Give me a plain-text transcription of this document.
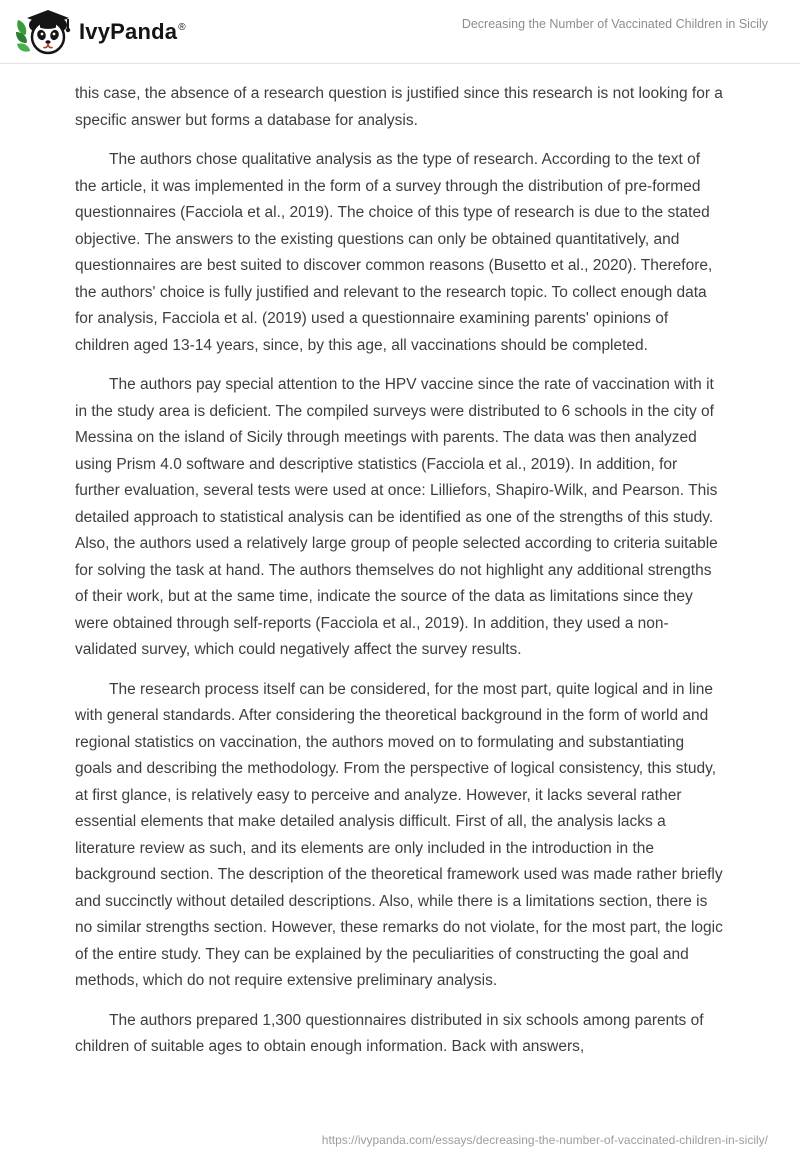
IvyPanda®	Decreasing the Number of Vaccinated Children in Sicily

this case, the absence of a research question is justified since this research is not looking for a specific answer but forms a database for analysis.

The authors chose qualitative analysis as the type of research. According to the text of the article, it was implemented in the form of a survey through the distribution of pre-formed questionnaires (Facciola et al., 2019). The choice of this type of research is due to the stated objective. The answers to the existing questions can only be obtained quantitatively, and questionnaires are best suited to discover common reasons (Busetto et al., 2020). Therefore, the authors' choice is fully justified and relevant to the research topic. To collect enough data for analysis, Facciola et al. (2019) used a questionnaire examining parents' opinions of children aged 13-14 years, since, by this age, all vaccinations should be completed.

The authors pay special attention to the HPV vaccine since the rate of vaccination with it in the study area is deficient. The compiled surveys were distributed to 6 schools in the city of Messina on the island of Sicily through meetings with parents. The data was then analyzed using Prism 4.0 software and descriptive statistics (Facciola et al., 2019). In addition, for further evaluation, several tests were used at once: Lilliefors, Shapiro-Wilk, and Pearson. This detailed approach to statistical analysis can be identified as one of the strengths of this study. Also, the authors used a relatively large group of people selected according to criteria suitable for solving the task at hand. The authors themselves do not highlight any additional strengths of their work, but at the same time, indicate the source of the data as limitations since they were obtained through self-reports (Facciola et al., 2019). In addition, they used a non-validated survey, which could negatively affect the survey results.

The research process itself can be considered, for the most part, quite logical and in line with general standards. After considering the theoretical background in the form of world and regional statistics on vaccination, the authors moved on to formulating and substantiating goals and describing the methodology. From the perspective of logical consistency, this study, at first glance, is relatively easy to perceive and analyze. However, it lacks several rather essential elements that make detailed analysis difficult. First of all, the analysis lacks a literature review as such, and its elements are only included in the introduction in the background section. The description of the theoretical framework used was made rather briefly and succinctly without detailed descriptions. Also, while there is a limitations section, there is no similar strengths section. However, these remarks do not violate, for the most part, the logic of the entire study. They can be explained by the peculiarities of constructing the goal and methods, which do not require extensive preliminary analysis.

The authors prepared 1,300 questionnaires distributed in six schools among parents of children of suitable ages to obtain enough information. Back with answers,

https://ivypanda.com/essays/decreasing-the-number-of-vaccinated-children-in-sicily/
